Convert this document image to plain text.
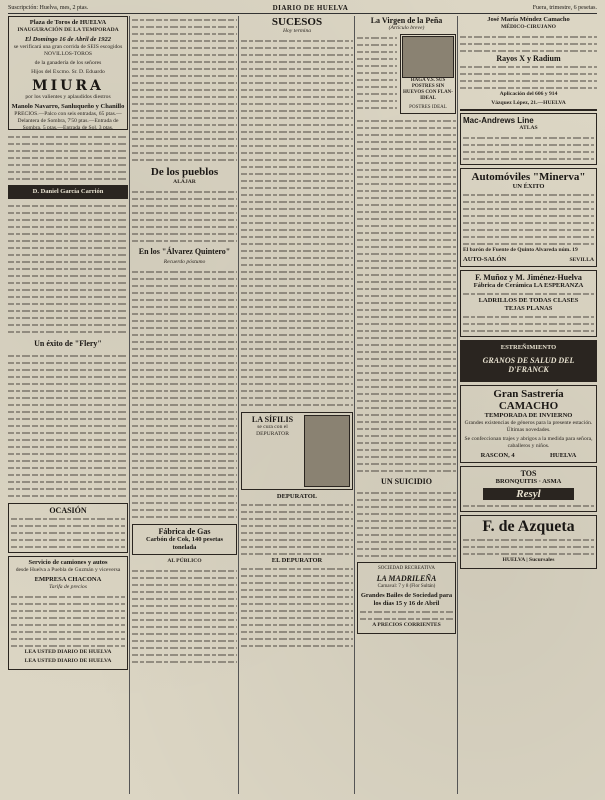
Suscripción: Huelva, mes, 2 ptas.	DIARIO DE HUELVA	Fuera, trimestre, 6 pesetas.
Plaza de Toros de HUELVA
INAUGURACIÓN DE LA TEMPORADA
El Domingo 16 de Abril de 1922
se verificará una gran corrida de SEIS escogidos NOVILLOS-TOROS
de la ganadería de los señores
Hijos del Excmo. Sr. D. Eduardo
MIURA
por los valientes y aplaudidos diestros
Manolo Navarro, Sanluqueño y Chanillo
PRECIOS.—Palco con seis entradas, 65 ptas.—Delantera de Sombra, 7'50 ptas.—Entrada de Sombra, 5 ptas.—Entrada de Sol, 3 ptas.
D. Daniel García Carrión
Un éxito de "Flery"
OCASIÓN
Servicio de camiones y autos
desde Huelva a Puebla de Guzmán y viceversa
EMPRESA CHACONA
Tarifa de precios
LEA USTED DIARIO DE HUELVA
LEA USTED DIARIO DE HUELVA
De los pueblos
ALÁJAR
En los "Álvarez Quintero"
Recuerdo póstumo
Fábrica de Gas
Carbón de Cok, 140 pesetas tonelada
AL PÚBLICO
SUCESOS
Hoy termina
LA SÍFILIS
se cura con el DEPURATOR
DEPURATOL
EL DEPURATOR
La Virgen de la Peña
(Artículo breve)
HAGA V.S. SUS POSTRES SIN HUEVOS CON FLAN-IDEAL
POSTRES IDEAL
UN SUICIDIO
SOCIEDAD RECREATIVA
LA MADRILEÑA
Carnaval: 7 y 8 (Flor Sultán)
Grandes Bailes de Sociedad para los días 15 y 16 de Abril
A PRECIOS CORRIENTES
José María Méndez Camacho
MÉDICO-CIRUJANO
Rayos X y Radium
Aplicación del 606 y 914
Vázquez López, 21.—HUELVA
Mac-Andrews Line
ATLAS
Automóviles "Minerva"
UN ÉXITO
El barón de Fuente de Quinto Alvareda núm. 19
AUTO-SALÓN	SEVILLA
F. Muñoz y M. Jiménez-Huelva
Fábrica de Cerámica LA ESPERANZA
LADRILLOS DE TODAS CLASES
TEJAS PLANAS
ESTREÑIMIENTO
GRANOS DE SALUD DEL D'FRANCK
Gran Sastrería CAMACHO
TEMPORADA DE INVIERNO
Grandes existencias de géneros para la presente estación. Últimas novedades.
Se confeccionan trajes y abrigos a la medida para señora, caballeros y niños.
RASCON, 4	HUELVA
TOS
BRONQUITIS · ASMA
Resyl
F. de Azqueta
HUELVA | Sucursales
